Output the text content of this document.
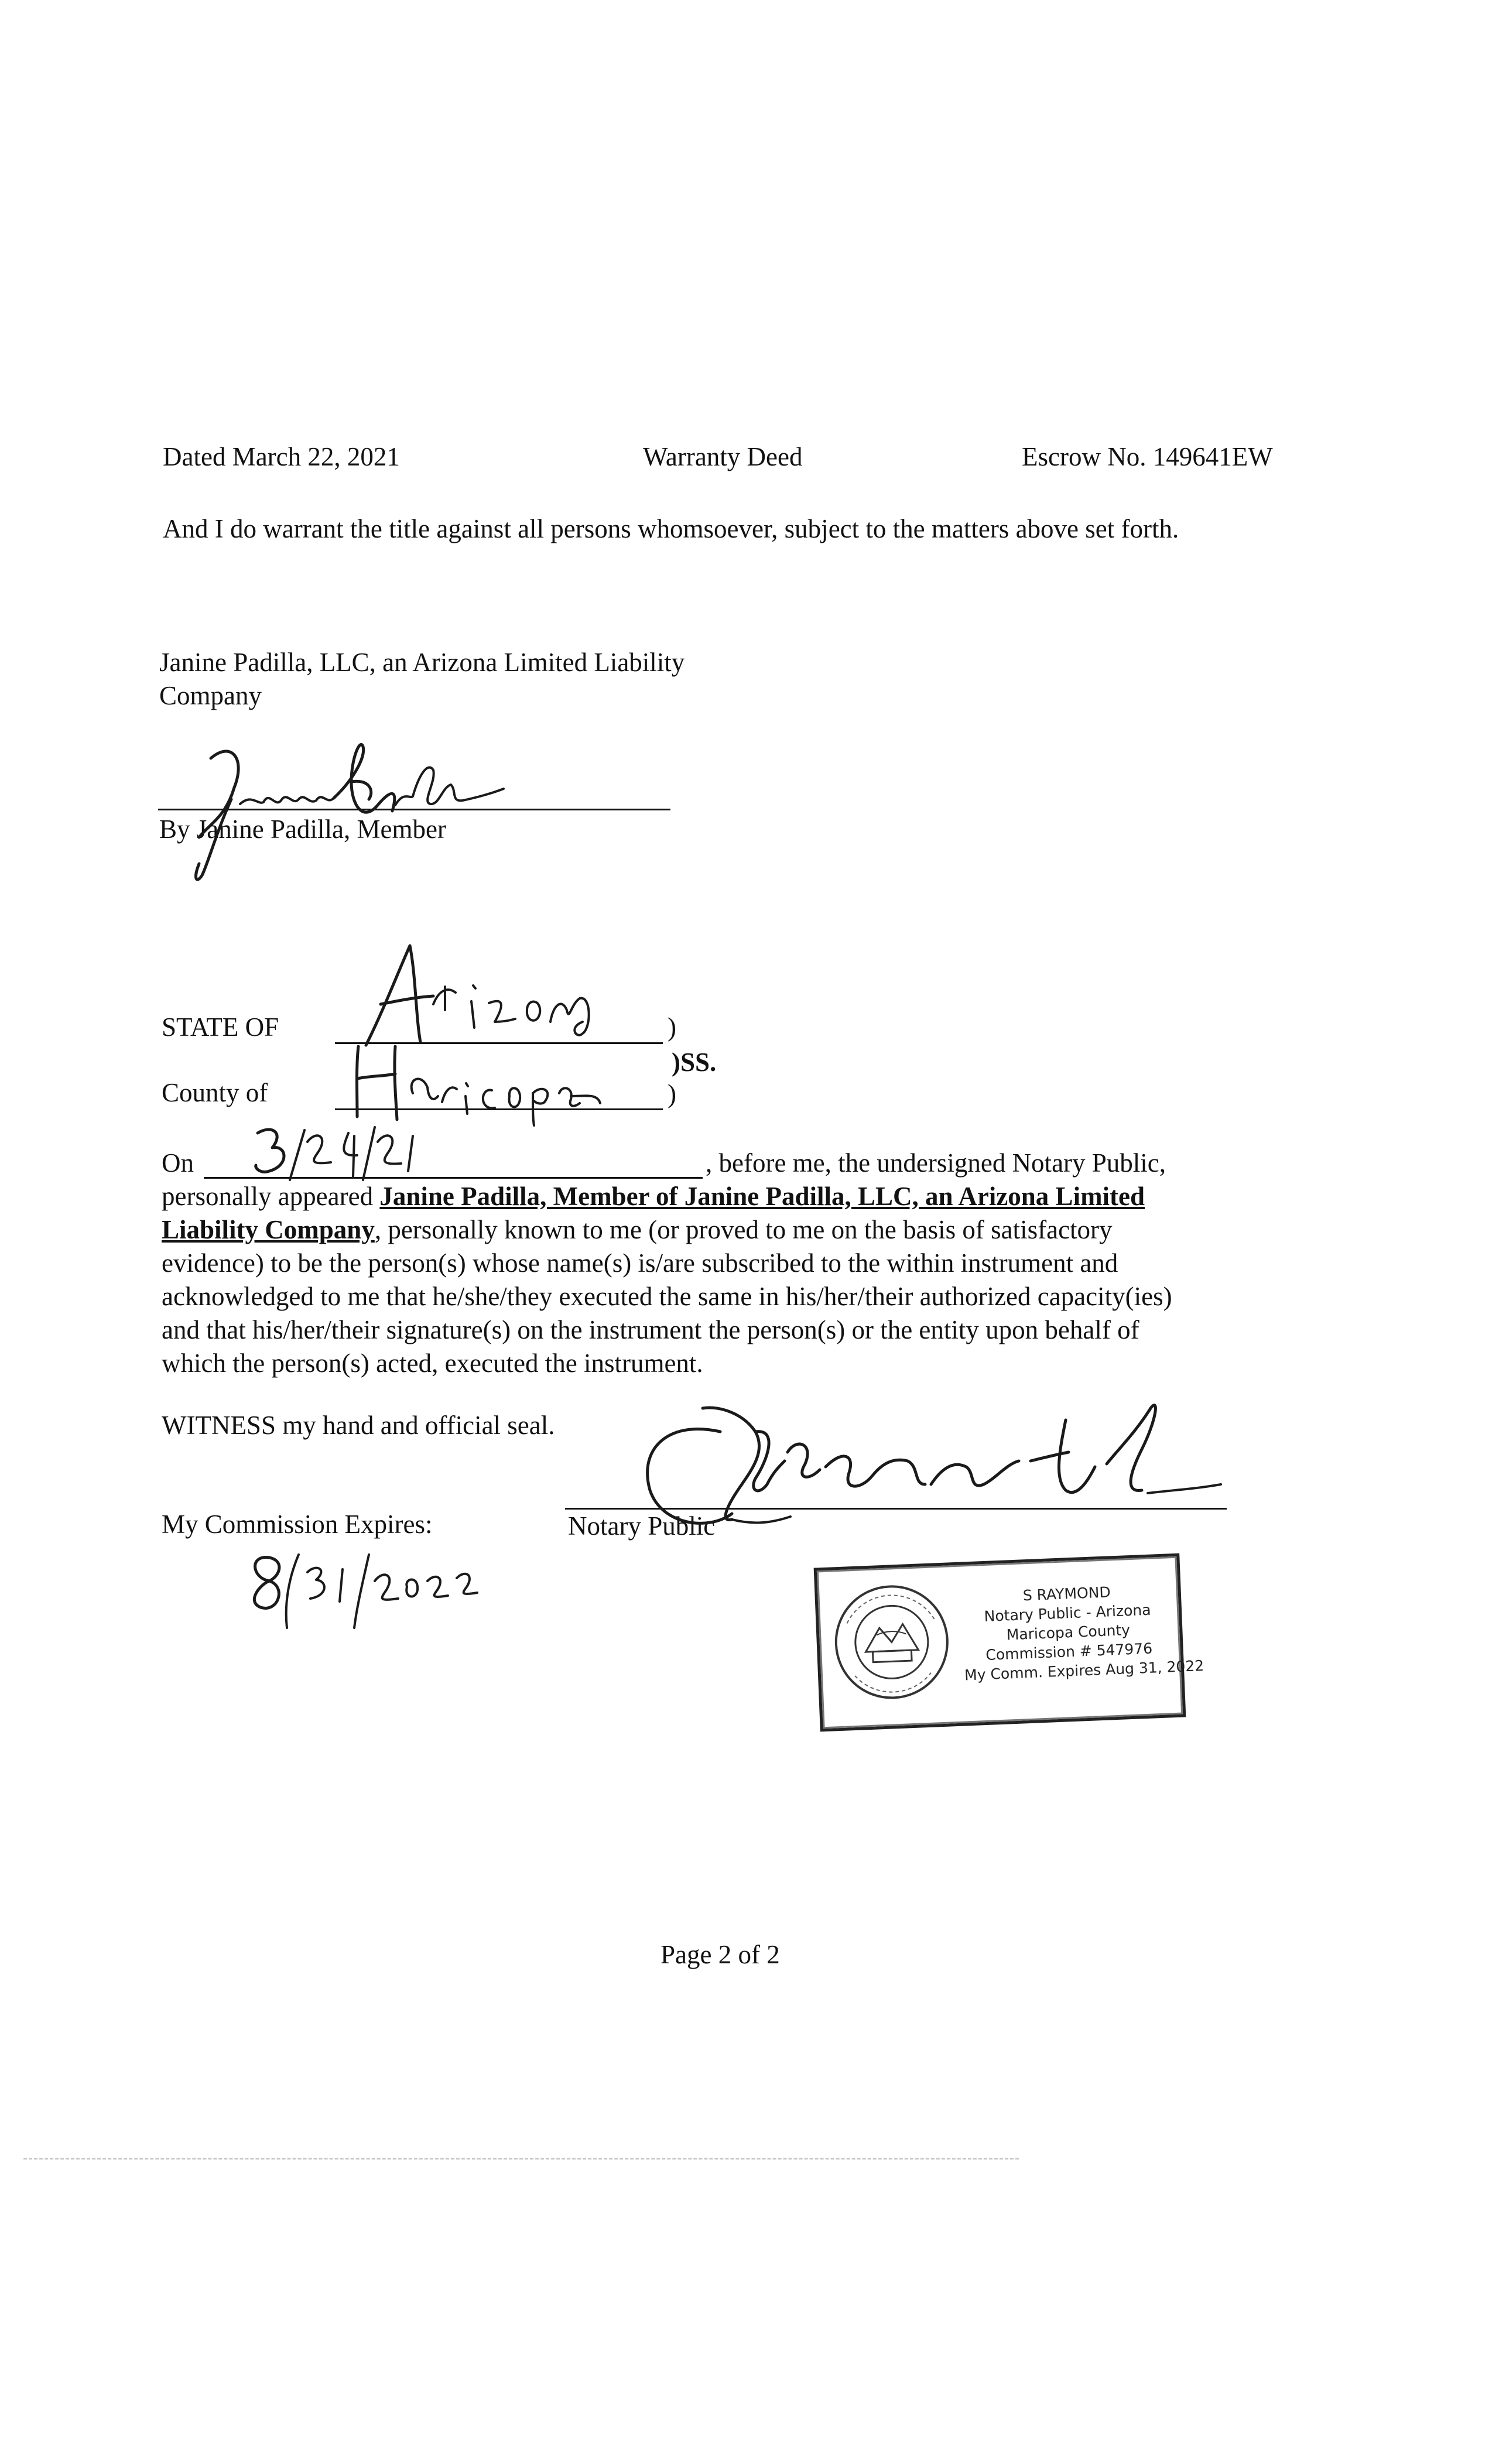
Dated March 22, 2021	Warranty Deed	Escrow No. 149641EW
And I do warrant the title against all persons whomsoever, subject to the matters above set forth.
Janine Padilla, LLC, an Arizona Limited Liability
Company
By Janine Padilla, Member
STATE OF	)
)SS.
County of	)
On	, before me, the undersigned Notary Public,
personally appeared Janine Padilla, Member of Janine Padilla, LLC, an Arizona Limited
Liability Company, personally known to me (or proved to me on the basis of satisfactory
evidence) to be the person(s) whose name(s) is/are subscribed to the within instrument and
acknowledged to me that he/she/they executed the same in his/her/their authorized capacity(ies)
and that his/her/their signature(s) on the instrument the person(s) or the entity upon behalf of
which the person(s) acted, executed the instrument.
WITNESS my hand and official seal.
My Commission Expires:	Notary Public
S RAYMOND
Notary Public - Arizona
Maricopa County
Commission # 547976
My Comm. Expires Aug 31, 2022
Page 2 of 2
